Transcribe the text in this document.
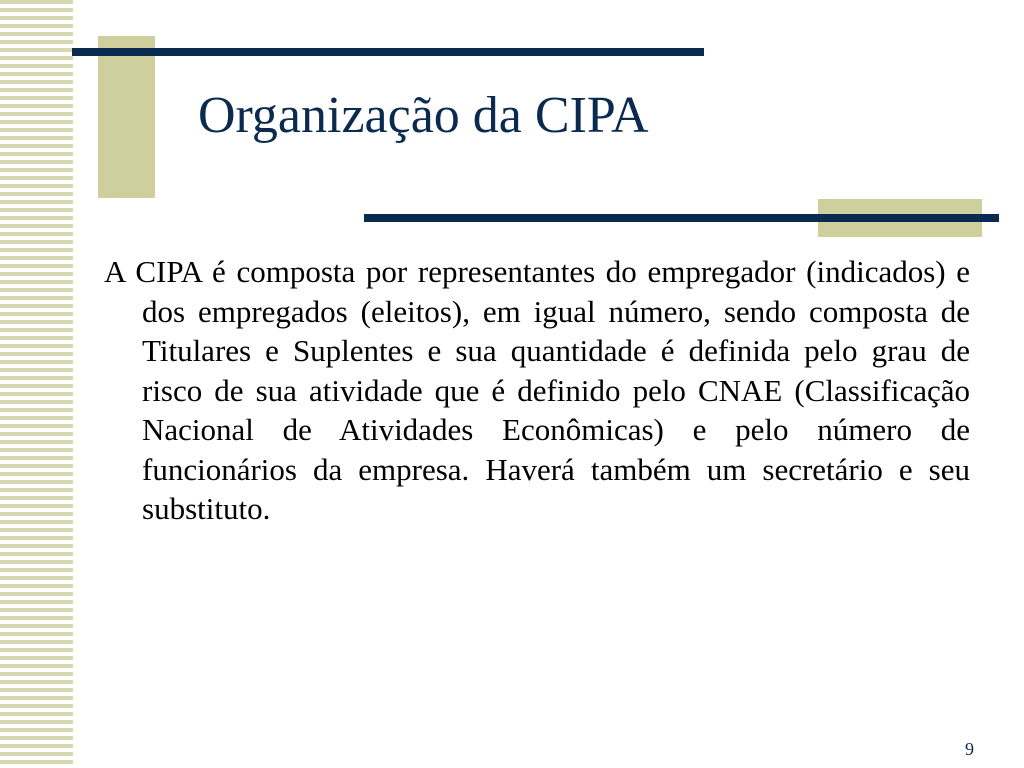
Organização da CIPA

A CIPA é composta por representantes do empregador (indicados) e dos empregados (eleitos), em igual número, sendo composta de Titulares e Suplentes e sua quantidade é definida pelo grau de risco de sua atividade que é definido pelo CNAE (Classificação Nacional de Atividades Econômicas) e pelo número de funcionários da empresa. Haverá também um secretário e seu substituto.

9
